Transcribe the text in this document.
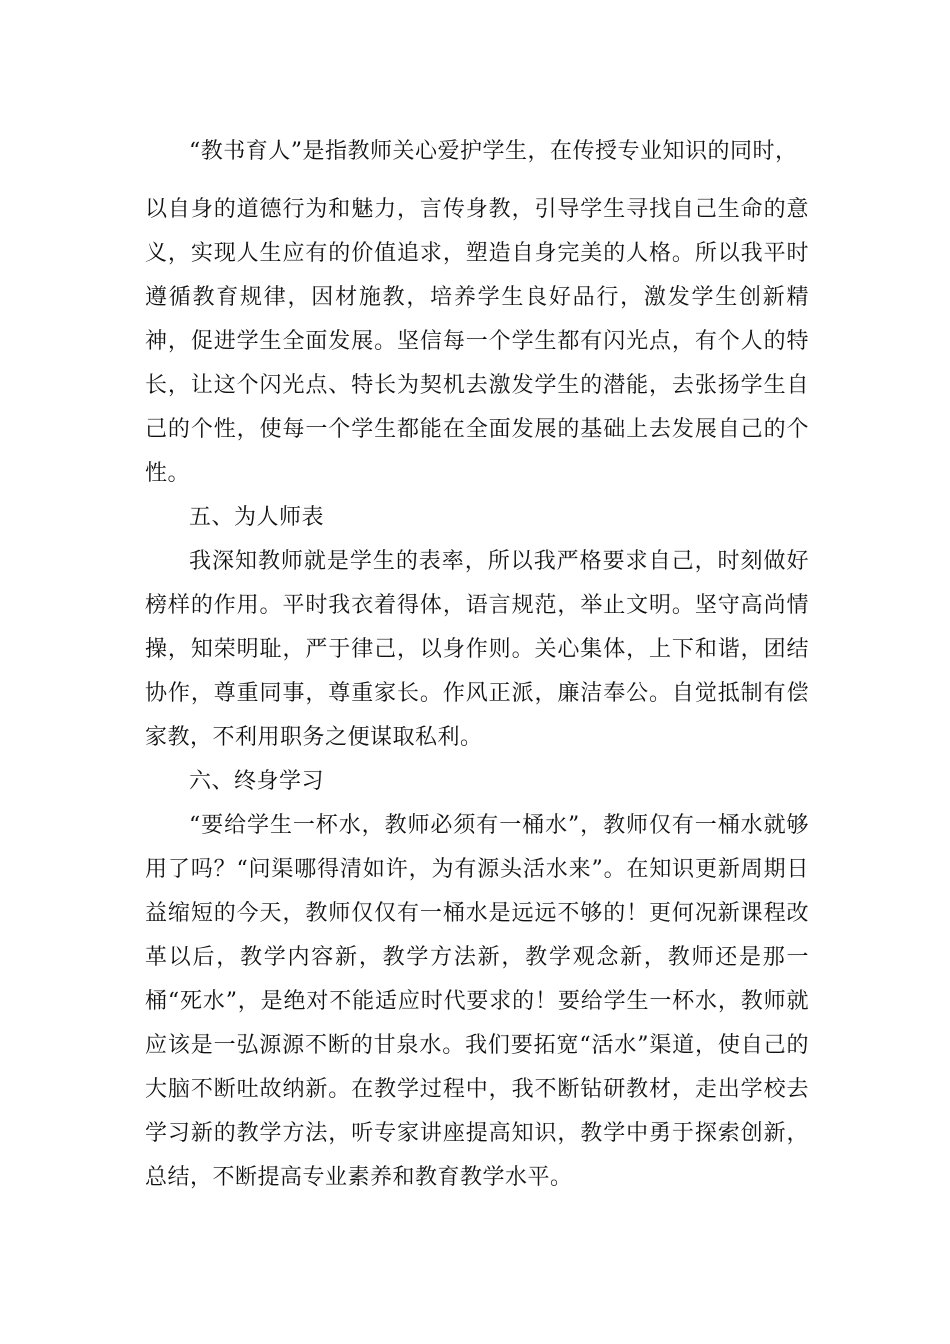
“教书育人”是指教师关心爱护学生，在传授专业知识的同时，

以自身的道德行为和魅力，言传身教，引导学生寻找自己生命的意义，实现人生应有的价值追求，塑造自身完美的人格。所以我平时遵循教育规律，因材施教，培养学生良好品行，激发学生创新精神，促进学生全面发展。坚信每一个学生都有闪光点，有个人的特长，让这个闪光点、特长为契机去激发学生的潜能，去张扬学生自己的个性，使每一个学生都能在全面发展的基础上去发展自己的个性。

五、为人师表

我深知教师就是学生的表率，所以我严格要求自己，时刻做好榜样的作用。平时我衣着得体，语言规范，举止文明。坚守高尚情操，知荣明耻，严于律己，以身作则。关心集体，上下和谐，团结协作，尊重同事，尊重家长。作风正派，廉洁奉公。自觉抵制有偿家教，不利用职务之便谋取私利。

六、终身学习

“要给学生一杯水，教师必须有一桶水”，教师仅有一桶水就够用了吗？“问渠哪得清如许，为有源头活水来”。在知识更新周期日益缩短的今天，教师仅仅有一桶水是远远不够的！更何况新课程改革以后，教学内容新，教学方法新，教学观念新，教师还是那一桶“死水”，是绝对不能适应时代要求的！要给学生一杯水，教师就应该是一弘源源不断的甘泉水。我们要拓宽“活水”渠道，使自己的大脑不断吐故纳新。在教学过程中，我不断钻研教材，走出学校去学习新的教学方法，听专家讲座提高知识，教学中勇于探索创新，总结，不断提高专业素养和教育教学水平。
